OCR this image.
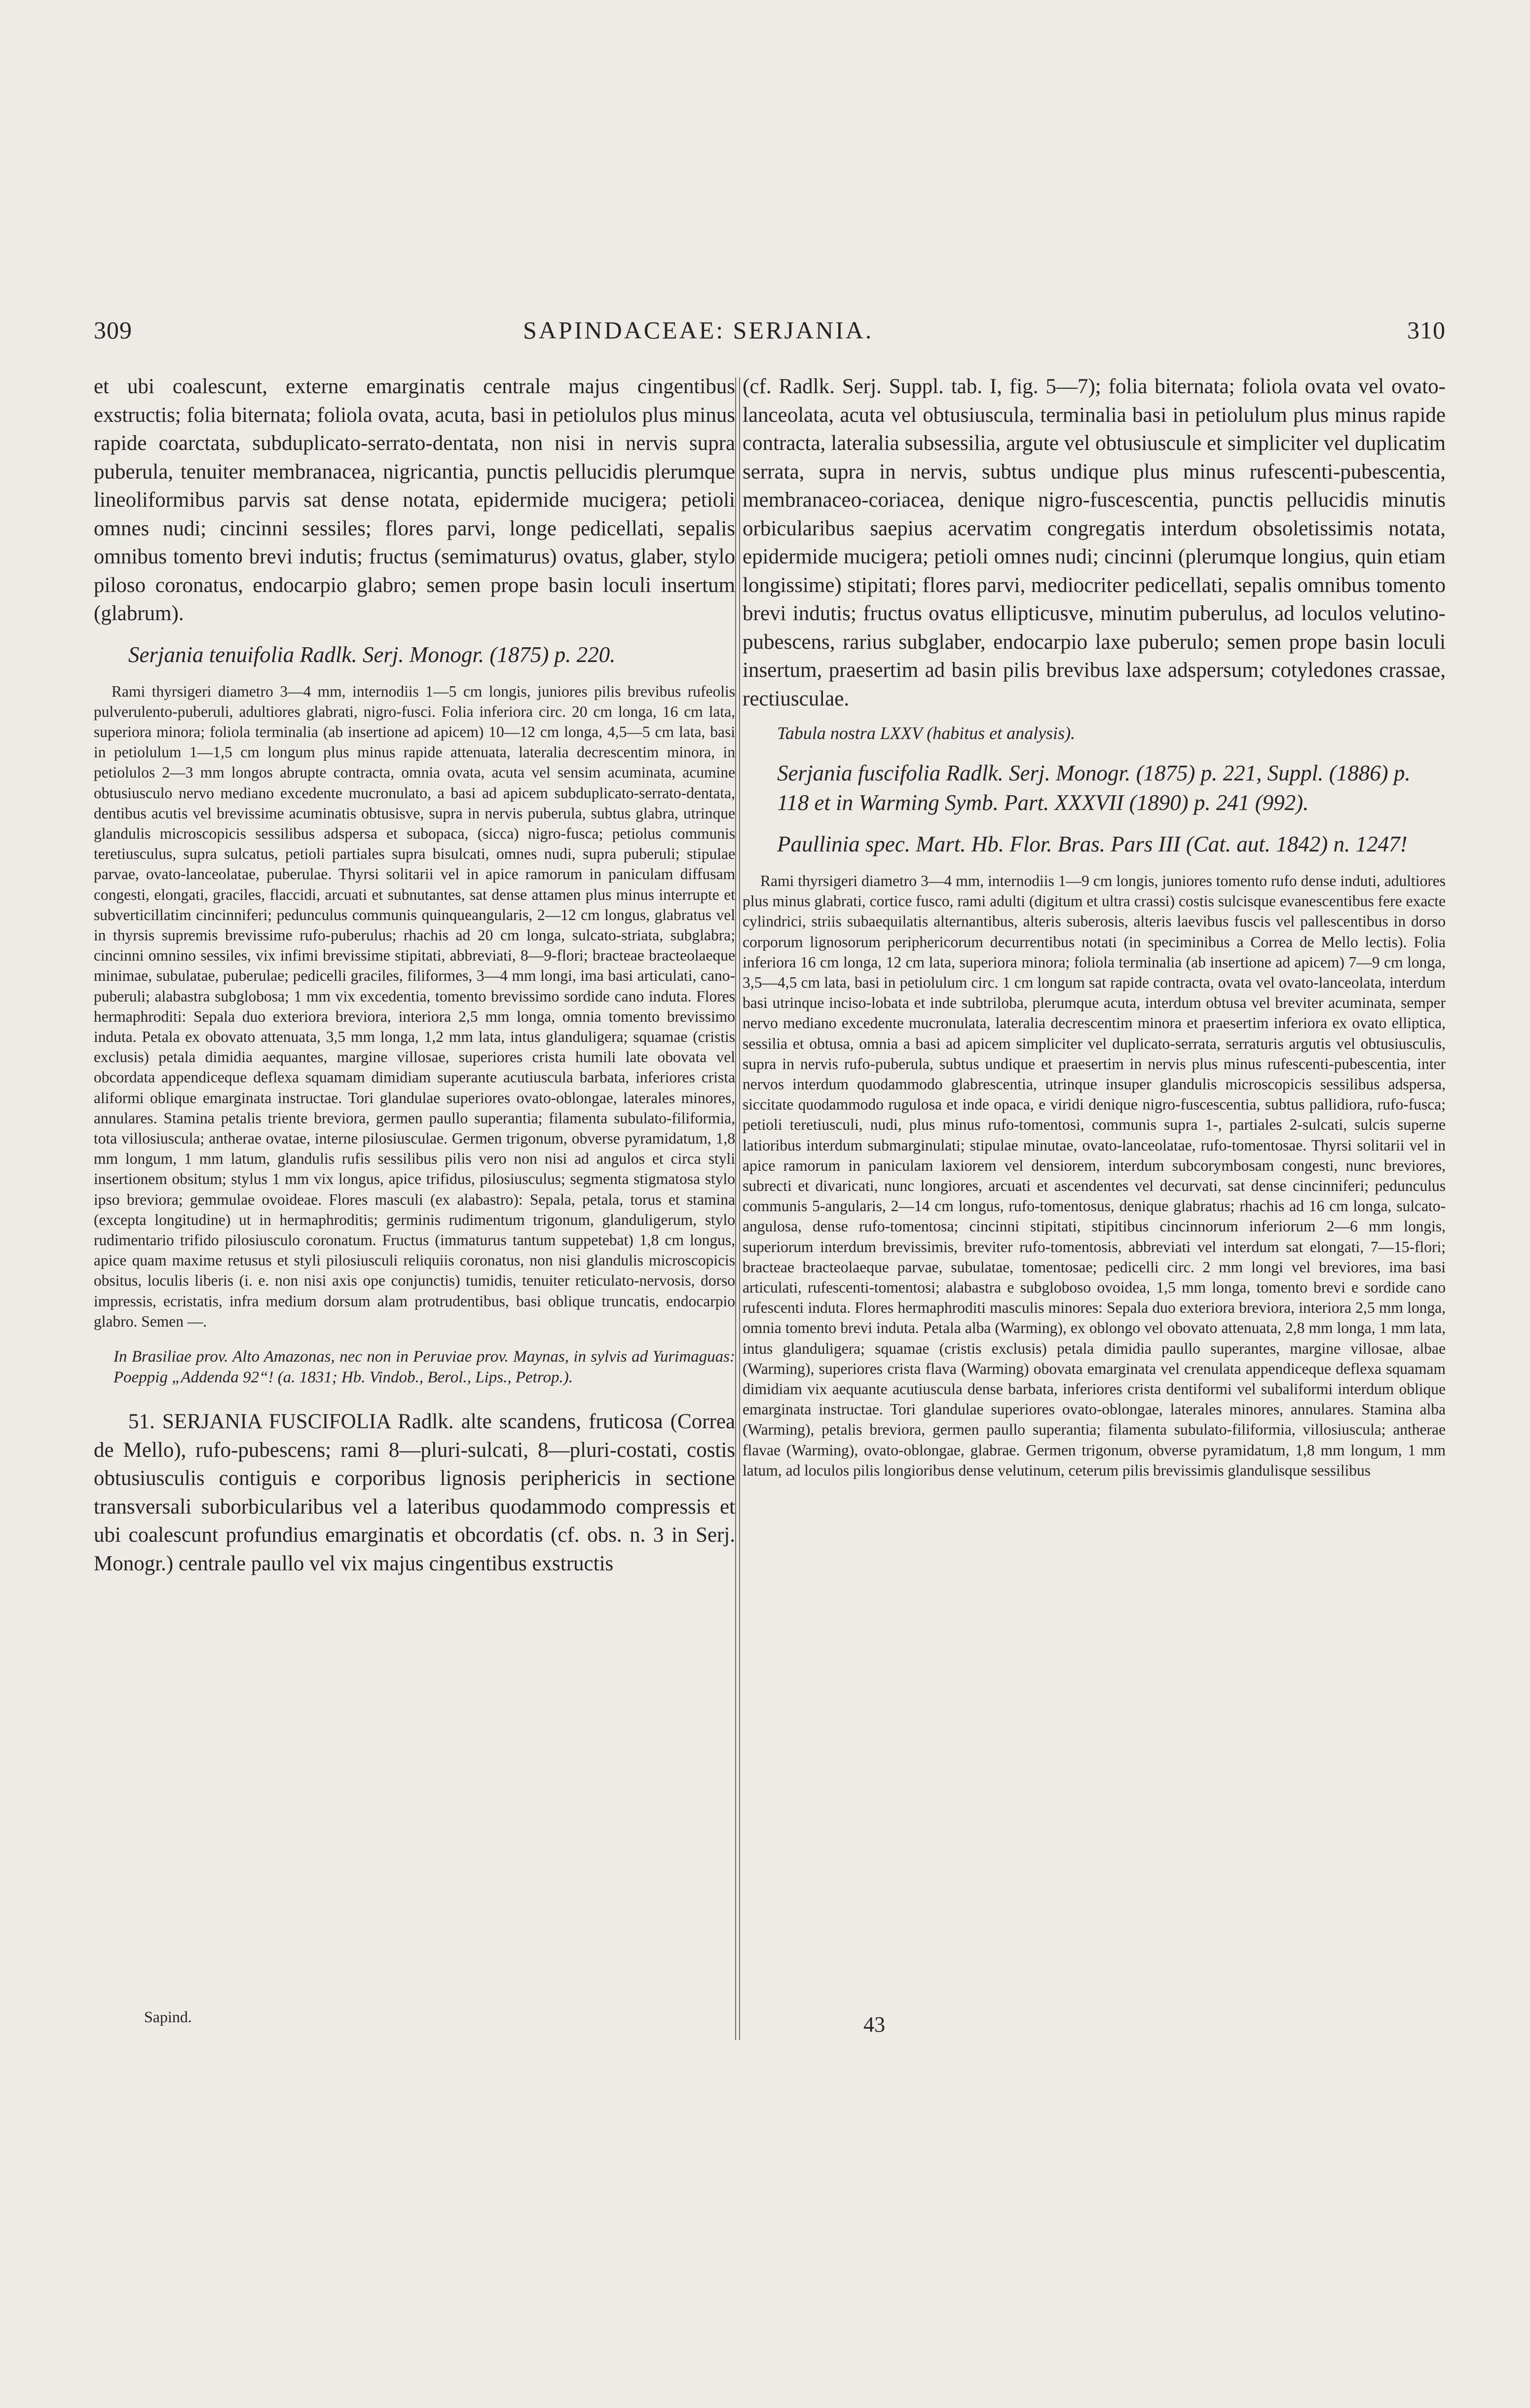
309	SAPINDACEAE: SERJANIA.	310

et ubi coalescunt, externe emarginatis centrale majus cingentibus exstructis; folia biternata; foliola ovata, acuta, basi in petiolulos plus minus rapide coarctata, subduplicato-serrato-dentata, non nisi in nervis supra puberula, tenuiter membranacea, nigricantia, punctis pellucidis plerumque lineoliformibus parvis sat dense notata, epidermide mucigera; petioli omnes nudi; cincinni sessiles; flores parvi, longe pedicellati, sepalis omnibus tomento brevi indutis; fructus (semimaturus) ovatus, glaber, stylo piloso coronatus, endocarpio glabro; semen prope basin loculi insertum (glabrum).

Serjania tenuifolia Radlk. Serj. Monogr. (1875) p. 220.

Rami thyrsigeri diametro 3—4 mm, internodiis 1—5 cm longis, juniores pilis brevibus rufeolis pulverulento-puberuli, adultiores glabrati, nigro-fusci. Folia inferiora circ. 20 cm longa, 16 cm lata, superiora minora; foliola terminalia (ab insertione ad apicem) 10—12 cm longa, 4,5—5 cm lata, basi in petiolulum 1—1,5 cm longum plus minus rapide attenuata, lateralia decrescentim minora, in petiolulos 2—3 mm longos abrupte contracta, omnia ovata, acuta vel sensim acuminata, acumine obtusiusculo nervo mediano excedente mucronulato, a basi ad apicem subduplicato-serrato-dentata, dentibus acutis vel brevissime acuminatis obtusisve, supra in nervis puberula, subtus glabra, utrinque glandulis microscopicis sessilibus adspersa et subopaca, (sicca) nigro-fusca; petiolus communis teretiusculus, supra sulcatus, petioli partiales supra bisulcati, omnes nudi, supra puberuli; stipulae parvae, ovato-lanceolatae, puberulae. Thyrsi solitarii vel in apice ramorum in paniculam diffusam congesti, elongati, graciles, flaccidi, arcuati et subnutantes, sat dense attamen plus minus interrupte et subverticillatim cincinniferi; pedunculus communis quinqueangularis, 2—12 cm longus, glabratus vel in thyrsis supremis brevissime rufo-puberulus; rhachis ad 20 cm longa, sulcato-striata, subglabra; cincinni omnino sessiles, vix infimi brevissime stipitati, abbreviati, 8—9-flori; bracteae bracteolaeque minimae, subulatae, puberulae; pedicelli graciles, filiformes, 3—4 mm longi, ima basi articulati, cano-puberuli; alabastra subglobosa; 1 mm vix excedentia, tomento brevissimo sordide cano induta. Flores hermaphroditi: Sepala duo exteriora breviora, interiora 2,5 mm longa, omnia tomento brevissimo induta. Petala ex obovato attenuata, 3,5 mm longa, 1,2 mm lata, intus glanduligera; squamae (cristis exclusis) petala dimidia aequantes, margine villosae, superiores crista humili late obovata vel obcordata appendiceque deflexa squamam dimidiam superante acutiuscula barbata, inferiores crista aliformi oblique emarginata instructae. Tori glandulae superiores ovato-oblongae, laterales minores, annulares. Stamina petalis triente breviora, germen paullo superantia; filamenta subulato-filiformia, tota villosiuscula; antherae ovatae, interne pilosiusculae. Germen trigonum, obverse pyramidatum, 1,8 mm longum, 1 mm latum, glandulis rufis sessilibus pilis vero non nisi ad angulos et circa styli insertionem obsitum; stylus 1 mm vix longus, apice trifidus, pilosiusculus; segmenta stigmatosa stylo ipso breviora; gemmulae ovoideae. Flores masculi (ex alabastro): Sepala, petala, torus et stamina (excepta longitudine) ut in hermaphroditis; germinis rudimentum trigonum, glanduligerum, stylo rudimentario trifido pilosiusculo coronatum. Fructus (immaturus tantum suppetebat) 1,8 cm longus, apice quam maxime retusus et styli pilosiusculi reliquiis coronatus, non nisi glandulis microscopicis obsitus, loculis liberis (i. e. non nisi axis ope conjunctis) tumidis, tenuiter reticulato-nervosis, dorso impressis, ecristatis, infra medium dorsum alam protrudentibus, basi oblique truncatis, endocarpio glabro. Semen —.

In Brasiliae prov. Alto Amazonas, nec non in Peruviae prov. Maynas, in sylvis ad Yurimaguas: Poeppig „Addenda 92“! (a. 1831; Hb. Vindob., Berol., Lips., Petrop.).

51. SERJANIA FUSCIFOLIA Radlk. alte scandens, fruticosa (Correa de Mello), rufo-pubescens; rami 8—pluri-sulcati, 8—pluri-costati, costis obtusiusculis contiguis e corporibus lignosis periphericis in sectione transversali suborbicularibus vel a lateribus quodammodo compressis et ubi coalescunt profundius emarginatis et obcordatis (cf. obs. n. 3 in Serj. Monogr.) centrale paullo vel vix majus cingentibus exstructis

(cf. Radlk. Serj. Suppl. tab. I, fig. 5—7); folia biternata; foliola ovata vel ovato-lanceolata, acuta vel obtusiuscula, terminalia basi in petiolulum plus minus rapide contracta, lateralia subsessilia, argute vel obtusiuscule et simpliciter vel duplicatim serrata, supra in nervis, subtus undique plus minus rufescenti-pubescentia, membranaceo-coriacea, denique nigro-fuscescentia, punctis pellucidis minutis orbicularibus saepius acervatim congregatis interdum obsoletissimis notata, epidermide mucigera; petioli omnes nudi; cincinni (plerumque longius, quin etiam longissime) stipitati; flores parvi, mediocriter pedicellati, sepalis omnibus tomento brevi indutis; fructus ovatus ellipticusve, minutim puberulus, ad loculos velutino-pubescens, rarius subglaber, endocarpio laxe puberulo; semen prope basin loculi insertum, praesertim ad basin pilis brevibus laxe adspersum; cotyledones crassae, rectiusculae.

Tabula nostra LXXV (habitus et analysis).

Serjania fuscifolia Radlk. Serj. Monogr. (1875) p. 221, Suppl. (1886) p. 118 et in Warming Symb. Part. XXXVII (1890) p. 241 (992).

Paullinia spec. Mart. Hb. Flor. Bras. Pars III (Cat. aut. 1842) n. 1247!

Rami thyrsigeri diametro 3—4 mm, internodiis 1—9 cm longis, juniores tomento rufo dense induti, adultiores plus minus glabrati, cortice fusco, rami adulti (digitum et ultra crassi) costis sulcisque evanescentibus fere exacte cylindrici, striis subaequilatis alternantibus, alteris suberosis, alteris laevibus fuscis vel pallescentibus in dorso corporum lignosorum periphericorum decurrentibus notati (in speciminibus a Correa de Mello lectis). Folia inferiora 16 cm longa, 12 cm lata, superiora minora; foliola terminalia (ab insertione ad apicem) 7—9 cm longa, 3,5—4,5 cm lata, basi in petiolulum circ. 1 cm longum sat rapide contracta, ovata vel ovato-lanceolata, interdum basi utrinque inciso-lobata et inde subtriloba, plerumque acuta, interdum obtusa vel breviter acuminata, semper nervo mediano excedente mucronulata, lateralia decrescentim minora et praesertim inferiora ex ovato elliptica, sessilia et obtusa, omnia a basi ad apicem simpliciter vel duplicato-serrata, serraturis argutis vel obtusiusculis, supra in nervis rufo-puberula, subtus undique et praesertim in nervis plus minus rufescenti-pubescentia, inter nervos interdum quodammodo glabrescentia, utrinque insuper glandulis microscopicis sessilibus adspersa, siccitate quodammodo rugulosa et inde opaca, e viridi denique nigro-fuscescentia, subtus pallidiora, rufo-fusca; petioli teretiusculi, nudi, plus minus rufo-tomentosi, communis supra 1-, partiales 2-sulcati, sulcis superne latioribus interdum submarginulati; stipulae minutae, ovato-lanceolatae, rufo-tomentosae. Thyrsi solitarii vel in apice ramorum in paniculam laxiorem vel densiorem, interdum subcorymbosam congesti, nunc breviores, subrecti et divaricati, nunc longiores, arcuati et ascendentes vel decurvati, sat dense cincinniferi; pedunculus communis 5-angularis, 2—14 cm longus, rufo-tomentosus, denique glabratus; rhachis ad 16 cm longa, sulcato-angulosa, dense rufo-tomentosa; cincinni stipitati, stipitibus cincinnorum inferiorum 2—6 mm longis, superiorum interdum brevissimis, breviter rufo-tomentosis, abbreviati vel interdum sat elongati, 7—15-flori; bracteae bracteolaeque parvae, subulatae, tomentosae; pedicelli circ. 2 mm longi vel breviores, ima basi articulati, rufescenti-tomentosi; alabastra e subgloboso ovoidea, 1,5 mm longa, tomento brevi e sordide cano rufescenti induta. Flores hermaphroditi masculis minores: Sepala duo exteriora breviora, interiora 2,5 mm longa, omnia tomento brevi induta. Petala alba (Warming), ex oblongo vel obovato attenuata, 2,8 mm longa, 1 mm lata, intus glanduligera; squamae (cristis exclusis) petala dimidia paullo superantes, margine villosae, albae (Warming), superiores crista flava (Warming) obovata emarginata vel crenulata appendiceque deflexa squamam dimidiam vix aequante acutiuscula dense barbata, inferiores crista dentiformi vel subaliformi interdum oblique emarginata instructae. Tori glandulae superiores ovato-oblongae, laterales minores, annulares. Stamina alba (Warming), petalis breviora, germen paullo superantia; filamenta subulato-filiformia, villosiuscula; antherae flavae (Warming), ovato-oblongae, glabrae. Germen trigonum, obverse pyramidatum, 1,8 mm longum, 1 mm latum, ad loculos pilis longioribus dense velutinum, ceterum pilis brevissimis glandulisque sessilibus

Sapind.	43
